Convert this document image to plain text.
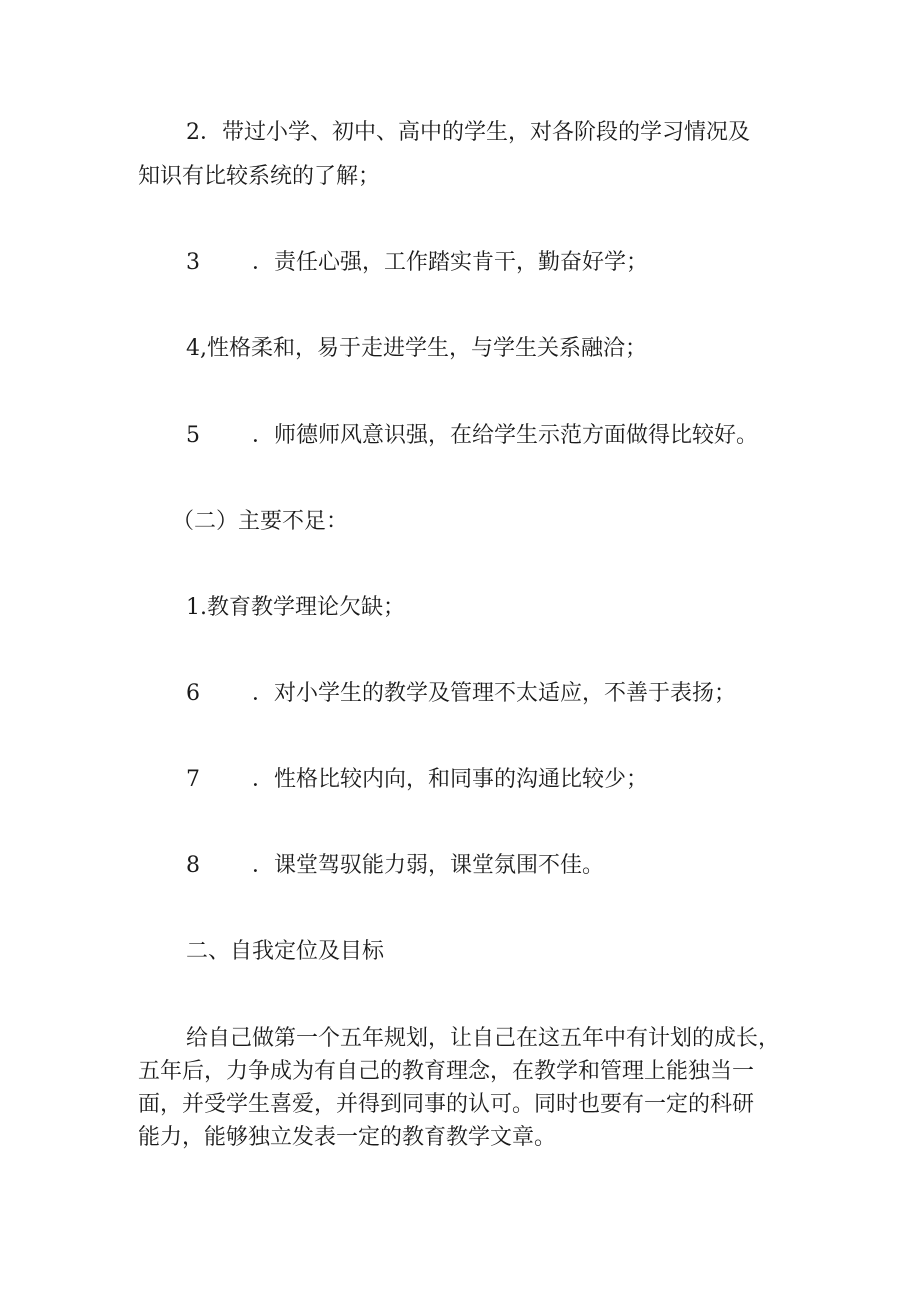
2．带过小学、初中、高中的学生，对各阶段的学习情况及
知识有比较系统的了解；
3 ．责任心强，工作踏实肯干，勤奋好学；
4,性格柔和，易于走进学生，与学生关系融洽；
5 ．师德师风意识强，在给学生示范方面做得比较好。
（二）主要不足：
1.教育教学理论欠缺；
6 ．对小学生的教学及管理不太适应，不善于表扬；
7 ．性格比较内向，和同事的沟通比较少；
8 ．课堂驾驭能力弱，课堂氛围不佳。
二、自我定位及目标
给自己做第一个五年规划，让自己在这五年中有计划的成长，
五年后，力争成为有自己的教育理念，在教学和管理上能独当一
面，并受学生喜爱，并得到同事的认可。同时也要有一定的科研
能力，能够独立发表一定的教育教学文章。
